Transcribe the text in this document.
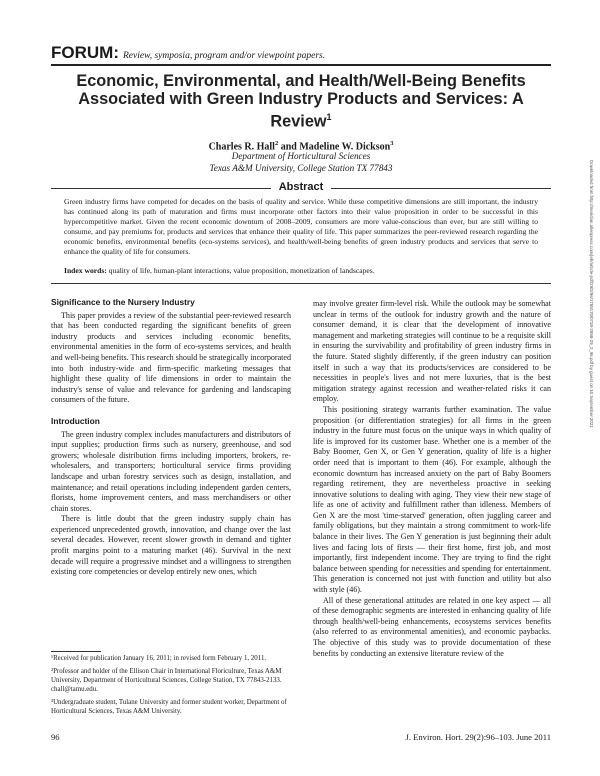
FORUM: Review, symposia, program and/or viewpoint papers.
Economic, Environmental, and Health/Well-Being Benefits Associated with Green Industry Products and Services: A Review$^1$
Charles R. Hall$^2$ and Madeline W. Dickson$^3$
Department of Horticultural Sciences
Texas A&M University, College Station TX 77843
Abstract
Green industry firms have competed for decades on the basis of quality and service. While these competitive dimensions are still important, the industry has continued along its path of maturation and firms must incorporate other factors into their value proposition in order to be successful in this hypercompetitive market. Given the recent economic downturn of 2008–2009, consumers are more value-conscious than ever, but are still willing to consume, and pay premiums for, products and services that enhance their quality of life. This paper summarizes the peer-reviewed research regarding the economic benefits, environmental benefits (eco-systems services), and health/well-being benefits of green industry products and services that serve to enhance the quality of life for consumers.
Index words: quality of life, human-plant interactions, value proposition, monetization of landscapes.
Significance to the Nursery Industry

This paper provides a review of the substantial peer-reviewed research that has been conducted regarding the significant benefits of green industry products and services including economic benefits, environmental amenities in the form of eco-systems services, and health and well-being benefits. This research should be strategically incorporated into both industry-wide and firm-specific marketing messages that highlight these quality of life dimensions in order to maintain the industry's sense of value and relevance for gardening and landscaping consumers of the future.

Introduction

The green industry complex includes manufacturers and distributors of input supplies; production firms such as nursery, greenhouse, and sod growers; wholesale distribution firms including importers, brokers, re-wholesalers, and transporters; horticultural service firms providing landscape and urban forestry services such as design, installation, and maintenance; and retail operations including independent garden centers, florists, home improvement centers, and mass merchandisers or other chain stores.

There is little doubt that the green industry supply chain has experienced unprecedented growth, innovation, and change over the last several decades. However, recent slower growth in demand and tighter profit margins point to a maturing market (46). Survival in the next decade will require a progressive mindset and a willingness to strengthen existing core competencies or develop entirely new ones, which

¹Received for publication January 16, 2011; in revised form February 1, 2011.

²Professor and holder of the Ellison Chair in International Floriculture, Texas A&M University, Department of Horticultural Sciences, College Station, TX 77843-2133. chall@tamu.edu.

³Undergraduate student, Tulane University and former student worker, Department of Horticultural Sciences, Texas A&M University.

may involve greater firm-level risk. While the outlook may be somewhat unclear in terms of the outlook for industry growth and the nature of consumer demand, it is clear that the development of innovative management and marketing strategies will continue to be a requisite skill in ensuring the survivability and profitability of green industry firms in the future. Stated slightly differently, if the green industry can position itself in such a way that its products/services are considered to be necessities in people's lives and not mere luxuries, that is the best mitigation strategy against recession and weather-related risks it can employ.

This positioning strategy warrants further examination. The value proposition (or differentiation strategies) for all firms in the green industry in the future must focus on the unique ways in which quality of life is improved for its customer base. Whether one is a member of the Baby Boomer, Gen X, or Gen Y generation, quality of life is a higher order need that is important to them (46). For example, although the economic downturn has increased anxiety on the part of Baby Boomers regarding retirement, they are nevertheless proactive in seeking innovative solutions to dealing with aging. They view their new stage of life as one of activity and fulfillment rather than idleness. Members of Gen X are the most 'time-starved' generation, often juggling career and family obligations, but they maintain a strong commitment to work-life balance in their lives. The Gen Y generation is just beginning their adult lives and facing lots of firsts — their first home, first job, and most importantly, first independent income. They are trying to find the right balance between spending for necessities and spending for entertainment. This generation is concerned not just with function and utility but also with style (46).

All of these generational attitudes are related in one key aspect — all of these demographic segments are interested in enhancing quality of life through health/well-being enhancements, ecosystems services benefits (also referred to as environmental amenities), and economic paybacks. The objective of this study was to provide documentation of these benefits by conducting an extensive literature review of the

96	J. Environ. Hort. 29(2):96–103. June 2011
Downloaded from http://meridian.allenpress.com/jeh/article-pdf/29/2/96/1755170/0738-2898-29_2_96.pdf by guest on 10 September 2021
